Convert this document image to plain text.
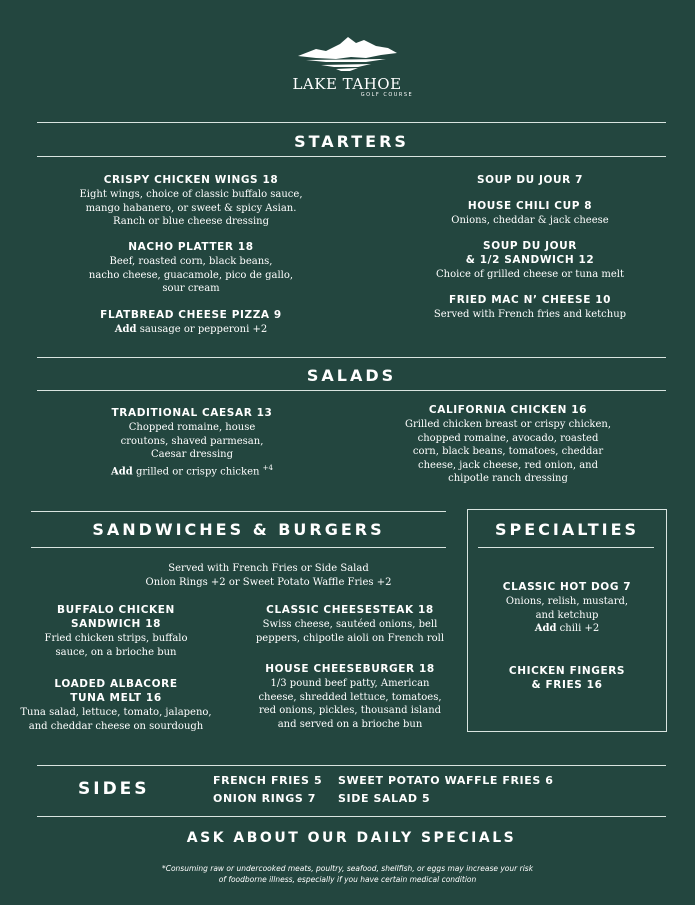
LAKE TAHOE
GOLF COURSE
STARTERS
CRISPY CHICKEN WINGS 18
Eight wings, choice of classic buffalo sauce,
mango habanero, or sweet & spicy Asian.
Ranch or blue cheese dressing
NACHO PLATTER 18
Beef, roasted corn, black beans,
nacho cheese, guacamole, pico de gallo,
sour cream
FLATBREAD CHEESE PIZZA 9
Add sausage or pepperoni +2
SOUP DU JOUR 7
HOUSE CHILI CUP 8
Onions, cheddar & jack cheese
SOUP DU JOUR
& 1/2 SANDWICH 12
Choice of grilled cheese or tuna melt
FRIED MAC N’ CHEESE 10
Served with French fries and ketchup
SALADS
TRADITIONAL CAESAR 13
Chopped romaine, house
croutons, shaved parmesan,
Caesar dressing
Add grilled or crispy chicken $^{+4}$
CALIFORNIA CHICKEN 16
Grilled chicken breast or crispy chicken,
chopped romaine, avocado, roasted
corn, black beans, tomatoes, cheddar
cheese, jack cheese, red onion, and
chipotle ranch dressing
SANDWICHES & BURGERS
Served with French Fries or Side Salad
Onion Rings +2 or Sweet Potato Waffle Fries +2
BUFFALO CHICKEN
SANDWICH 18
Fried chicken strips, buffalo
sauce, on a brioche bun
LOADED ALBACORE
TUNA MELT 16
Tuna salad, lettuce, tomato, jalapeno,
and cheddar cheese on sourdough
CLASSIC CHEESESTEAK 18
Swiss cheese, sautéed onions, bell
peppers, chipotle aioli on French roll
HOUSE CHEESEBURGER 18
1/3 pound beef patty, American
cheese, shredded lettuce, tomatoes,
red onions, pickles, thousand island
and served on a brioche bun
SPECIALTIES
CLASSIC HOT DOG 7
Onions, relish, mustard,
and ketchup
Add chili +2
CHICKEN FINGERS
& FRIES 16
SIDES	FRENCH FRIES 5 SWEET POTATO WAFFLE FRIES 6
ONION RINGS 7 SIDE SALAD 5
ASK ABOUT OUR DAILY SPECIALS
*Consuming raw or undercooked meats, poultry, seafood, shellfish, or eggs may increase your risk
of foodborne illness, especially if you have certain medical condition
